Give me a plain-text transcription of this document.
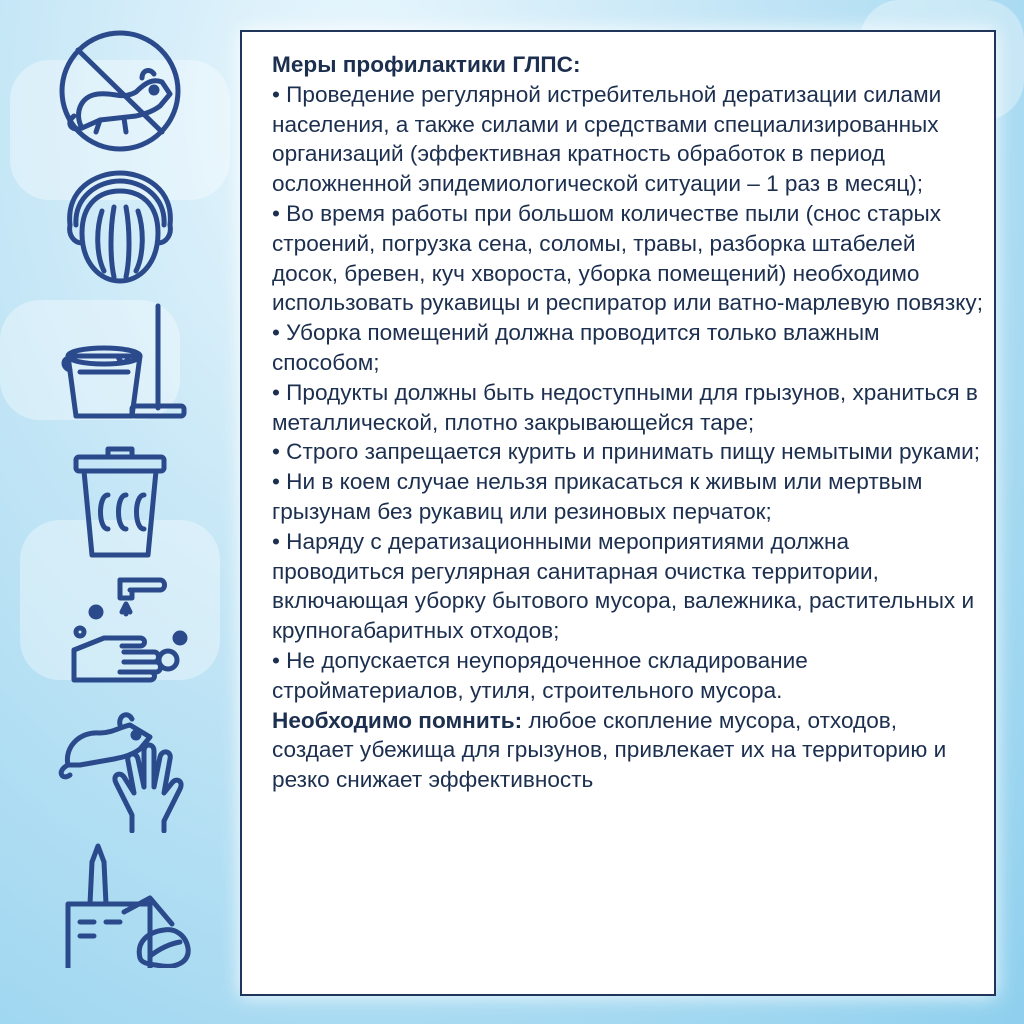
Меры профилактики ГЛПС:

• Проведение регулярной истребительной дератизации силами населения, а также силами и средствами специализированных организаций (эффективная кратность обработок в период осложненной эпидемиологической ситуации – 1 раз в месяц);

• Во время работы при большом количестве пыли (снос старых строений, погрузка сена, соломы, травы, разборка штабелей досок, бревен, куч хвороста, уборка помещений) необходимо использовать рукавицы и респиратор или ватно-марлевую повязку;

• Уборка помещений должна проводится только влажным способом;

• Продукты должны быть недоступными для грызунов, храниться в металлической, плотно закрывающейся таре;

• Строго запрещается курить и принимать пищу немытыми руками;

• Ни в коем случае нельзя прикасаться к живым или мертвым грызунам без рукавиц или резиновых перчаток;

• Наряду с дератизационными мероприятиями должна проводиться регулярная санитарная очистка территории, включающая уборку бытового мусора, валежника, растительных и крупногабаритных отходов;

• Не допускается неупорядоченное складирование стройматериалов, утиля, строительного мусора.

Необходимо помнить: любое скопление мусора, отходов, создает убежища для грызунов, привлекает их на территорию и резко снижает эффективность
